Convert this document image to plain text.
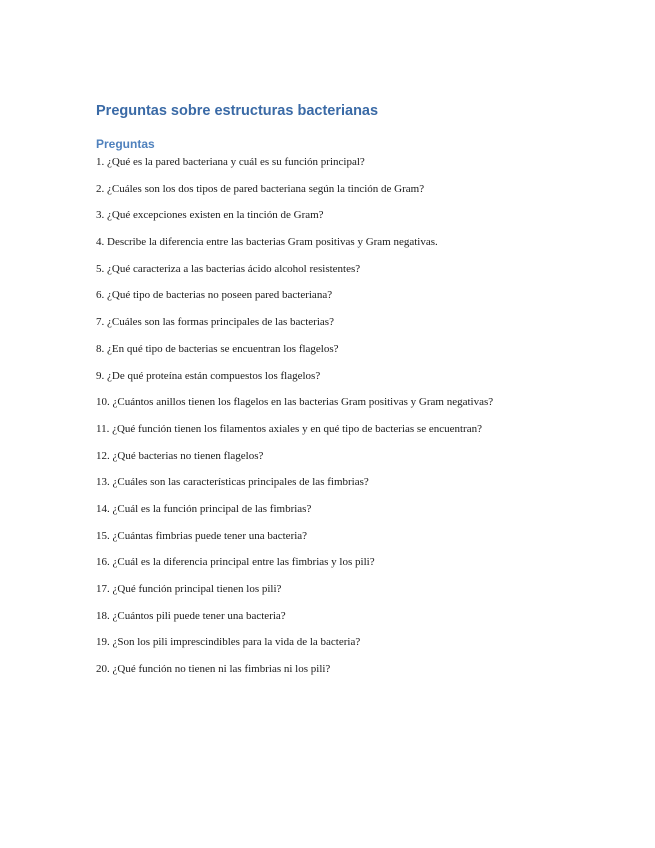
Preguntas sobre estructuras bacterianas
Preguntas
1. ¿Qué es la pared bacteriana y cuál es su función principal?
2. ¿Cuáles son los dos tipos de pared bacteriana según la tinción de Gram?
3. ¿Qué excepciones existen en la tinción de Gram?
4. Describe la diferencia entre las bacterias Gram positivas y Gram negativas.
5. ¿Qué caracteriza a las bacterias ácido alcohol resistentes?
6. ¿Qué tipo de bacterias no poseen pared bacteriana?
7. ¿Cuáles son las formas principales de las bacterias?
8. ¿En qué tipo de bacterias se encuentran los flagelos?
9. ¿De qué proteína están compuestos los flagelos?
10. ¿Cuántos anillos tienen los flagelos en las bacterias Gram positivas y Gram negativas?
11. ¿Qué función tienen los filamentos axiales y en qué tipo de bacterias se encuentran?
12. ¿Qué bacterias no tienen flagelos?
13. ¿Cuáles son las características principales de las fimbrias?
14. ¿Cuál es la función principal de las fimbrias?
15. ¿Cuántas fimbrias puede tener una bacteria?
16. ¿Cuál es la diferencia principal entre las fimbrias y los pili?
17. ¿Qué función principal tienen los pili?
18. ¿Cuántos pili puede tener una bacteria?
19. ¿Son los pili imprescindibles para la vida de la bacteria?
20. ¿Qué función no tienen ni las fimbrias ni los pili?
